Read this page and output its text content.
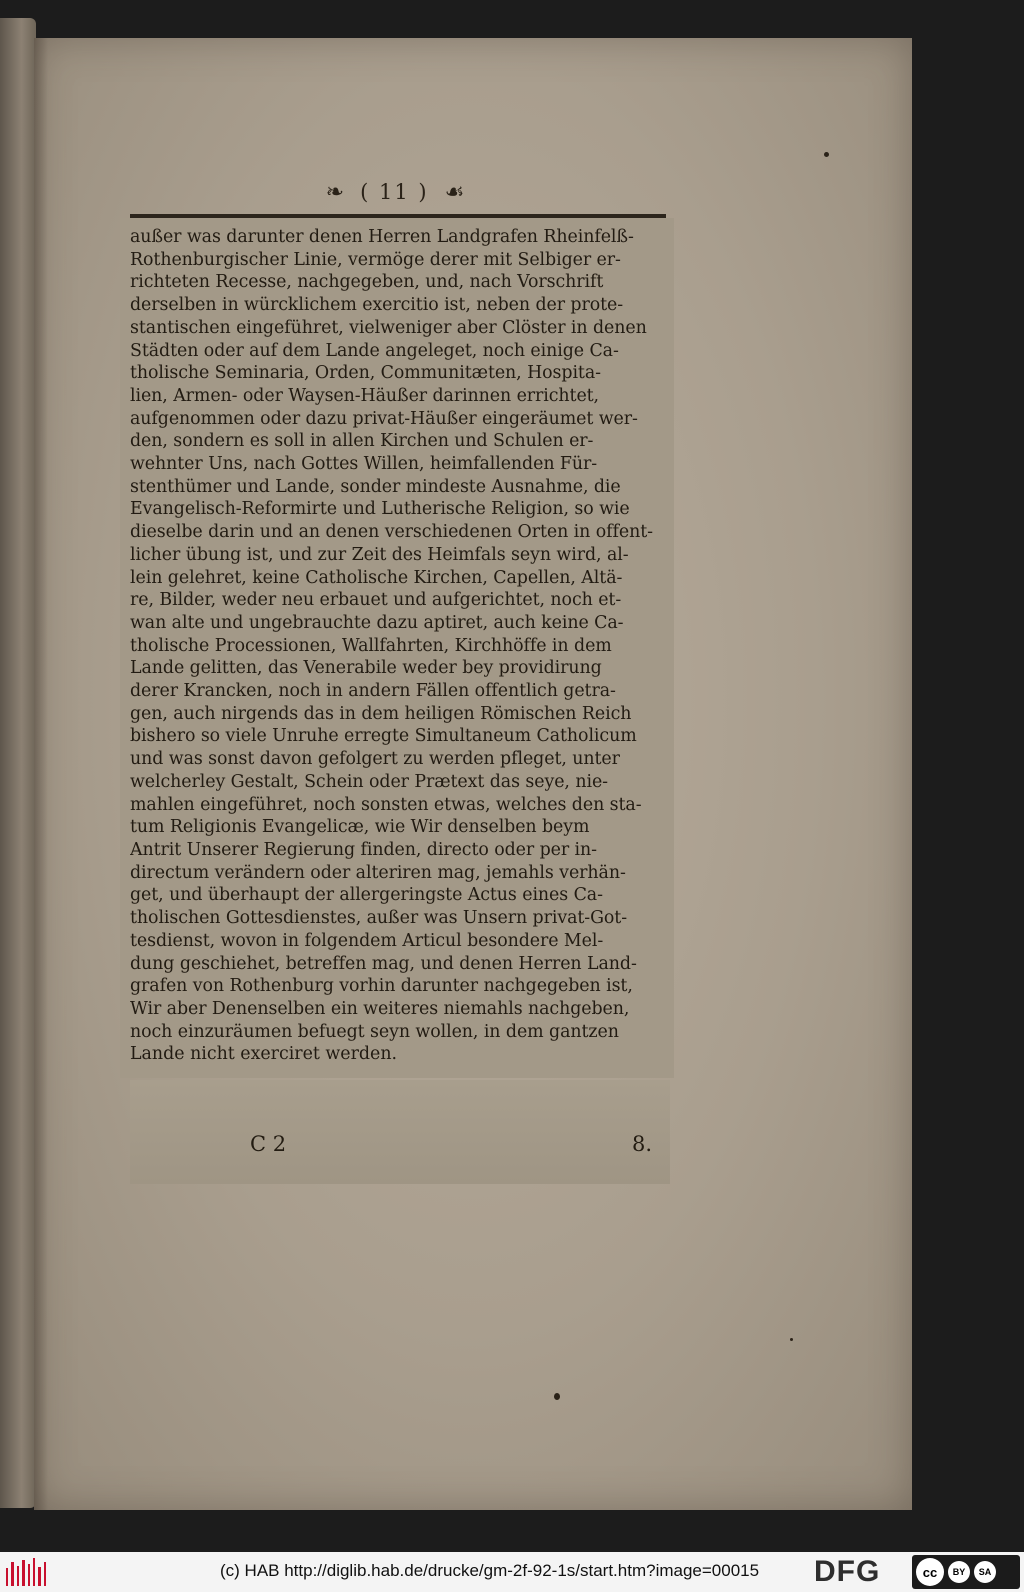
❧ ( 11 ) ☙
außer was darunter denen Herren Landgrafen Rheinfelß-
Rothenburgischer Linie, vermöge derer mit Selbiger er-
richteten Recesse, nachgegeben, und, nach Vorschrift
derselben in würcklichem exercitio ist, neben der prote-
stantischen eingeführet, vielweniger aber Clöster in denen
Städten oder auf dem Lande angeleget, noch einige Ca-
tholische Seminaria, Orden, Communitæten, Hospita-
lien, Armen- oder Waysen-Häußer darinnen errichtet,
aufgenommen oder dazu privat-Häußer eingeräumet wer-
den, sondern es soll in allen Kirchen und Schulen er-
wehnter Uns, nach Gottes Willen, heimfallenden Für-
stenthümer und Lande, sonder mindeste Ausnahme, die
Evangelisch-Reformirte und Lutherische Religion, so wie
dieselbe darin und an denen verschiedenen Orten in offent-
licher übung ist, und zur Zeit des Heimfals seyn wird, al-
lein gelehret, keine Catholische Kirchen, Capellen, Altä-
re, Bilder, weder neu erbauet und aufgerichtet, noch et-
wan alte und ungebrauchte dazu aptiret, auch keine Ca-
tholische Processionen, Wallfahrten, Kirchhöffe in dem
Lande gelitten, das Venerabile weder bey providirung
derer Krancken, noch in andern Fällen offentlich getra-
gen, auch nirgends das in dem heiligen Römischen Reich
bishero so viele Unruhe erregte Simultaneum Catholicum
und was sonst davon gefolgert zu werden pfleget, unter
welcherley Gestalt, Schein oder Prætext das seye, nie-
mahlen eingeführet, noch sonsten etwas, welches den sta-
tum Religionis Evangelicæ, wie Wir denselben beym
Antrit Unserer Regierung finden, directo oder per in-
directum verändern oder alteriren mag, jemahls verhän-
get, und überhaupt der allergeringste Actus eines Ca-
tholischen Gottesdienstes, außer was Unsern privat-Got-
tesdienst, wovon in folgendem Articul besondere Mel-
dung geschiehet, betreffen mag, und denen Herren Land-
grafen von Rothenburg vorhin darunter nachgegeben ist,
Wir aber Denenselben ein weiteres niemahls nachgeben,
noch einzuräumen befuegt seyn wollen, in dem gantzen
Lande nicht exerciret werden.
C 2	8.
(c) HAB http://diglib.hab.de/drucke/gm-2f-92-1s/start.htm?image=00015 DFG	cc	BY	SA
